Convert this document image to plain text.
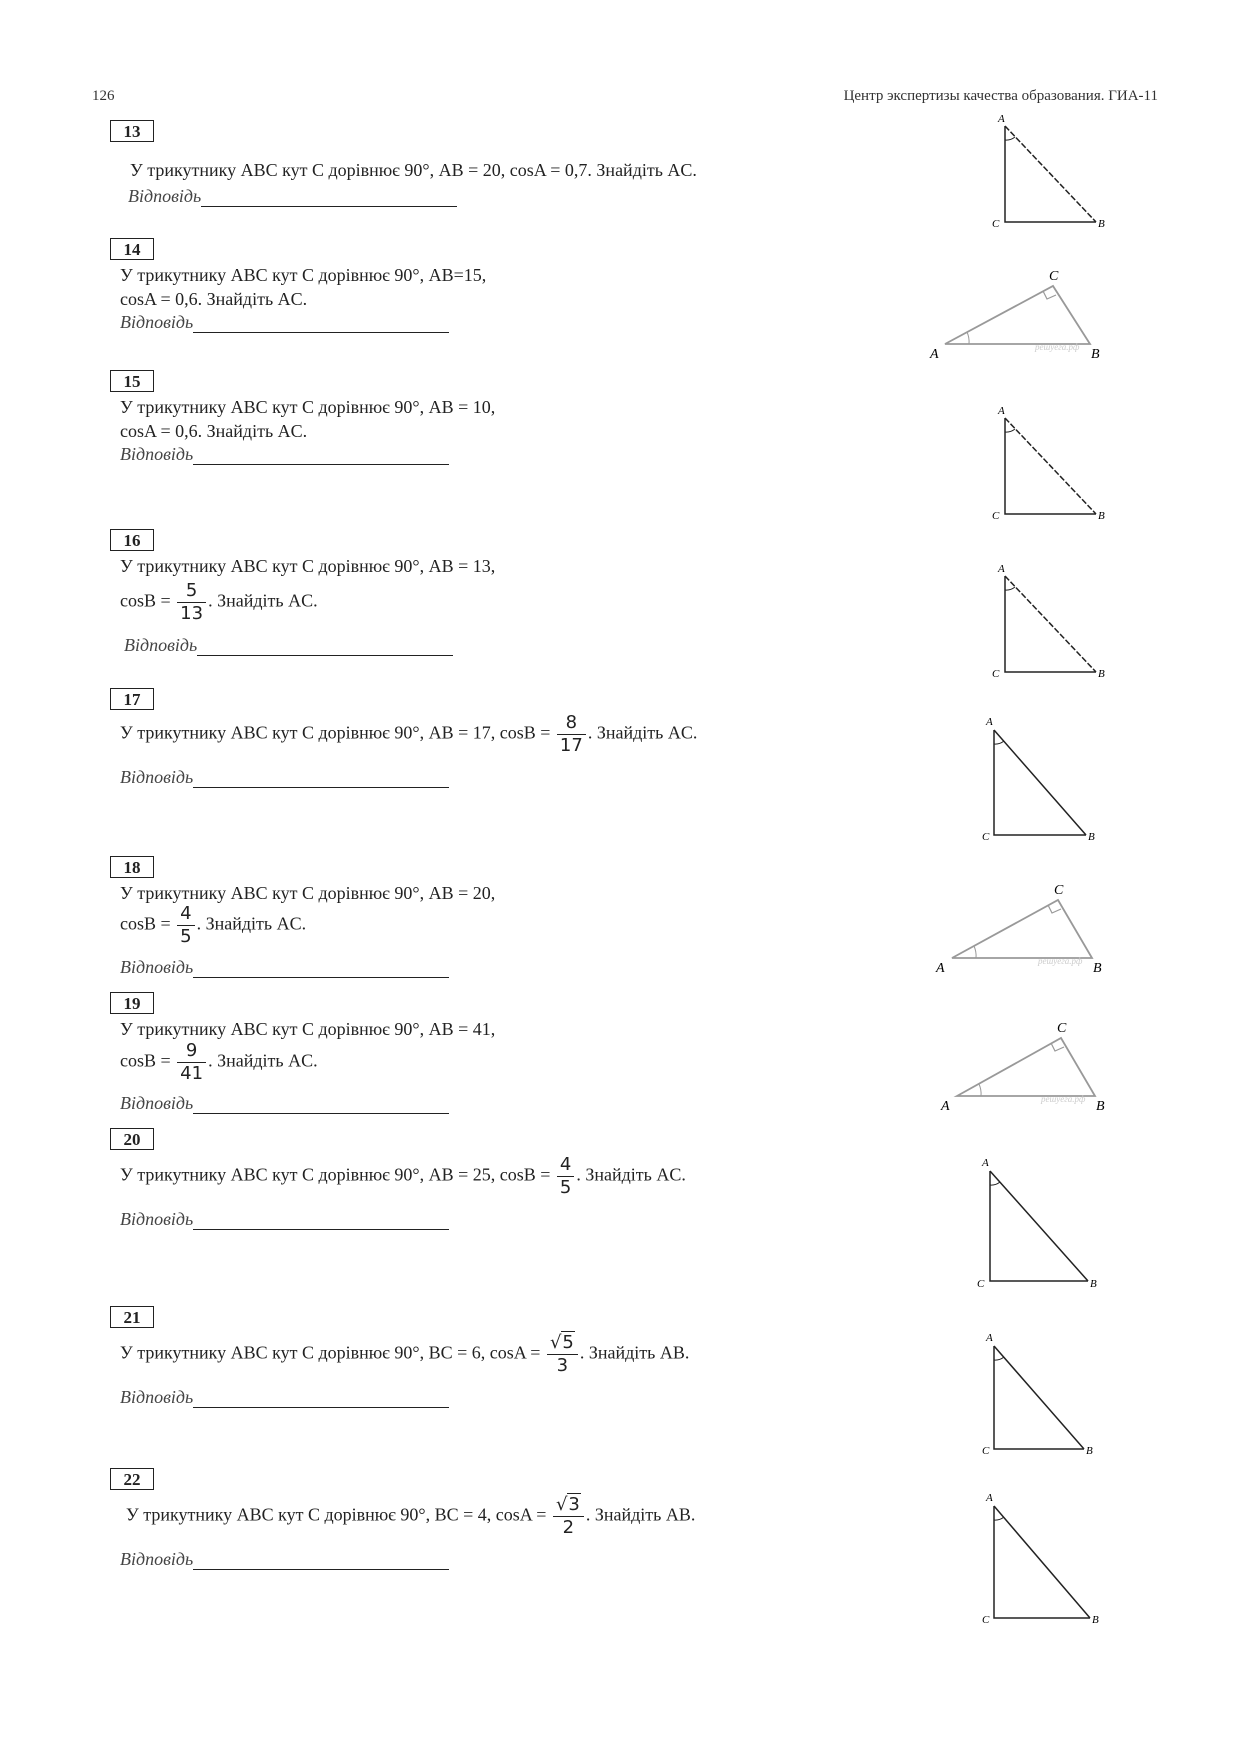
126	Центр экспертизы качества образования. ГИА-11
13
У трикутнику ABC кут C дорівнює 90°, AB = 20, cosA = 0,7. Знайдіть AC.
Відповідь
14
У трикутнику ABC кут C дорівнює 90°, AB=15,
cosA = 0,6. Знайдіть AC.
Відповідь
15
У трикутнику ABC кут C дорівнює 90°, AB = 10,
cosA = 0,6. Знайдіть AC.
Відповідь
16
У трикутнику ABC кут C дорівнює 90°, AB = 13,
$\cos B = \frac{5}{13}$ . Знайдіть AC.
Відповідь
17
У трикутнику ABC кут C дорівнює 90°, AB = 17, $\cos B = \frac{8}{17}$ . Знайдіть AC.
Відповідь
18
У трикутнику ABC кут C дорівнює 90°, AB = 20,
$\cos B = \frac{4}{5}$ . Знайдіть AC.
Відповідь
19
У трикутнику ABC кут C дорівнює 90°, AB = 41,
$\cos B = \frac{9}{41}$ . Знайдіть AC.
Відповідь
20
У трикутнику ABC кут C дорівнює 90°, AB = 25, $\cos B = \frac{4}{5}$ . Знайдіть AC.
Відповідь
21
У трикутнику ABC кут C дорівнює 90°, BC = 6, $\cos A = \frac{√5}{3}$ . Знайдіть AB.
Відповідь
22
У трикутнику ABC кут C дорівнює 90°, BC = 4, $\cos A = \frac{√3}{2}$ . Знайдіть AB.
Відповідь
A
C	B
A
C
B
решуега.рф
A
C	B
A
C	B
A
C	B
A
C
B
решуега.рф
A
C
B
решуега.рф
A
C	B
A
C	B
A
C	B
